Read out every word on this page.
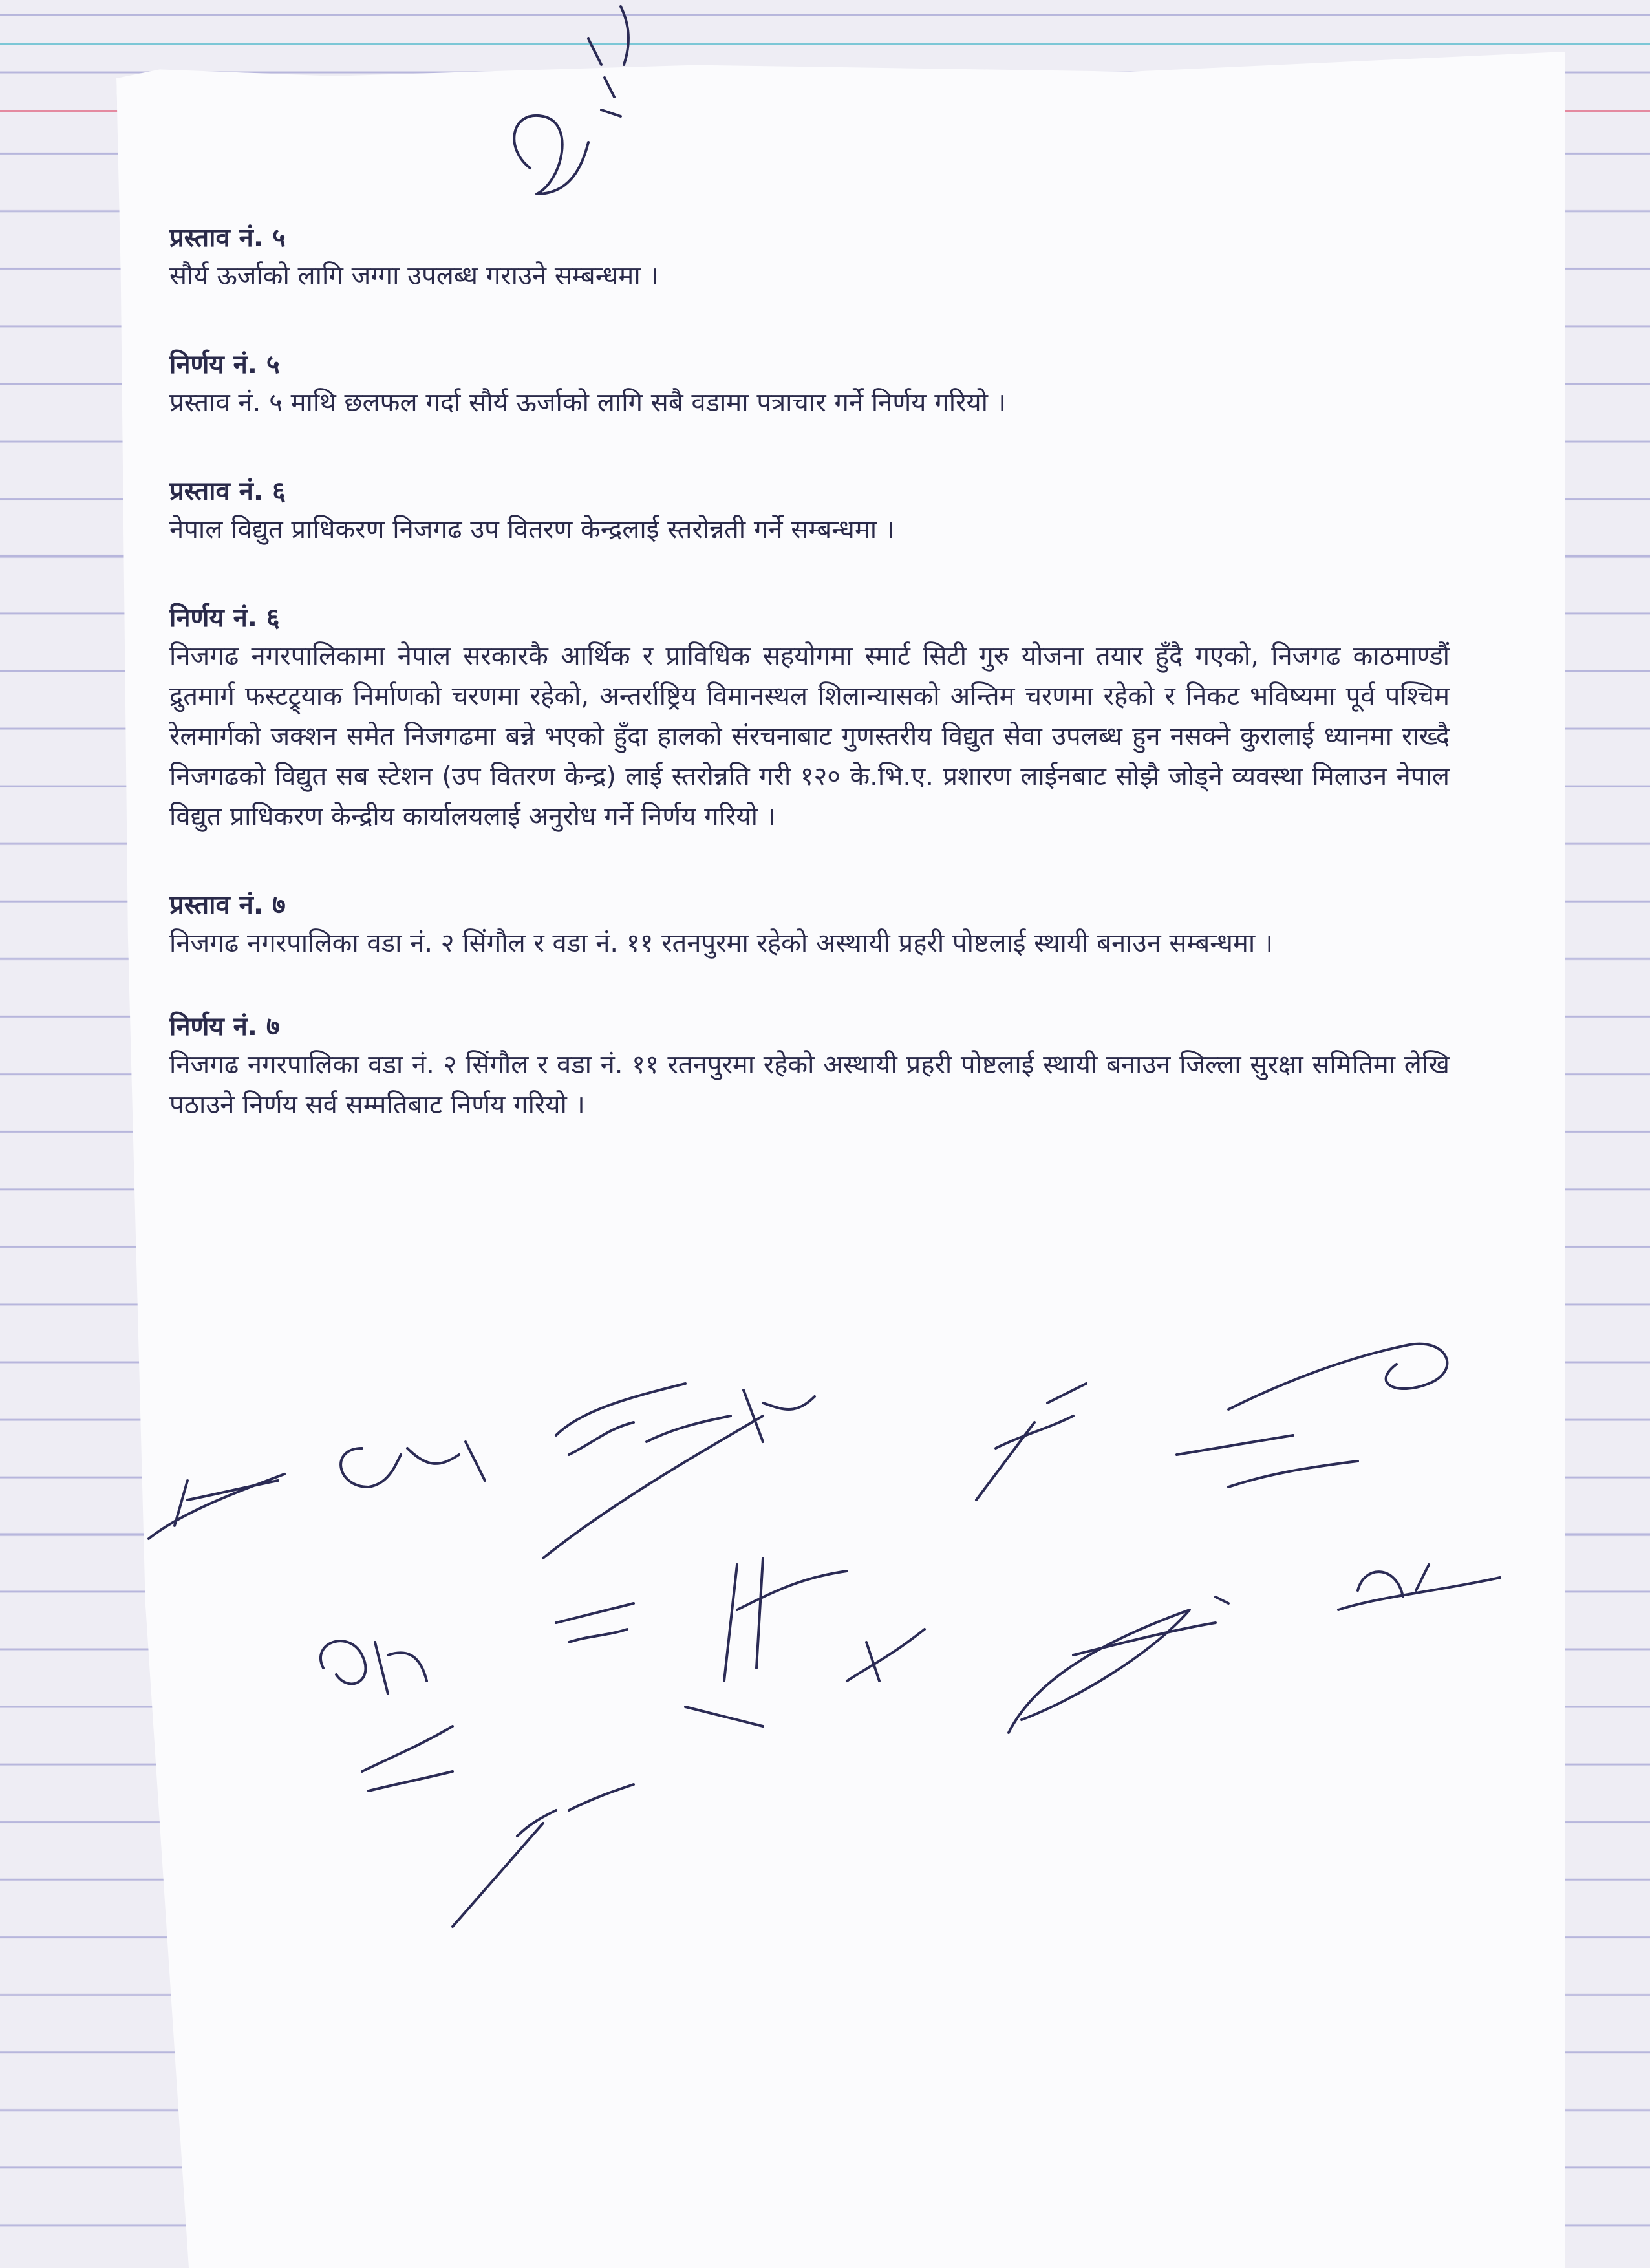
प्रस्ताव नं. ५

सौर्य ऊर्जाको लागि जग्गा उपलब्ध गराउने सम्बन्धमा ।

निर्णय नं. ५

प्रस्ताव नं. ५ माथि छलफल गर्दा सौर्य ऊर्जाको लागि सबै वडामा पत्राचार गर्ने निर्णय गरियो ।

प्रस्ताव नं. ६

नेपाल विद्युत प्राधिकरण निजगढ उप वितरण केन्द्रलाई स्तरोन्नती गर्ने सम्बन्धमा ।

निर्णय नं. ६

निजगढ नगरपालिकामा नेपाल सरकारकै आर्थिक र प्राविधिक सहयोगमा स्मार्ट सिटी गुरु योजना तयार हुँदै गएको, निजगढ काठमाण्डौं द्रुतमार्ग फस्टट्र्याक निर्माणको चरणमा रहेको, अन्तर्राष्ट्रिय विमानस्थल शिलान्यासको अन्तिम चरणमा रहेको र निकट भविष्यमा पूर्व पश्चिम रेलमार्गको जक्शन समेत निजगढमा बन्ने भएको हुँदा हालको संरचनाबाट गुणस्तरीय विद्युत सेवा उपलब्ध हुन नसक्ने कुरालाई ध्यानमा राख्दै निजगढको विद्युत सब स्टेशन (उप वितरण केन्द्र) लाई स्तरोन्नति गरी १२० के.भि.ए. प्रशारण लाईनबाट सोझै जोड्ने व्यवस्था मिलाउन नेपाल विद्युत प्राधिकरण केन्द्रीय कार्यालयलाई अनुरोध गर्ने निर्णय गरियो ।

प्रस्ताव नं. ७

निजगढ नगरपालिका वडा नं. २ सिंगौल र वडा नं. ११ रतनपुरमा रहेको अस्थायी प्रहरी पोष्टलाई स्थायी बनाउन सम्बन्धमा ।

निर्णय नं. ७

निजगढ नगरपालिका वडा नं. २ सिंगौल र वडा नं. ११ रतनपुरमा रहेको अस्थायी प्रहरी पोष्टलाई स्थायी बनाउन जिल्ला सुरक्षा समितिमा लेखि पठाउने निर्णय सर्व सम्मतिबाट निर्णय गरियो ।
